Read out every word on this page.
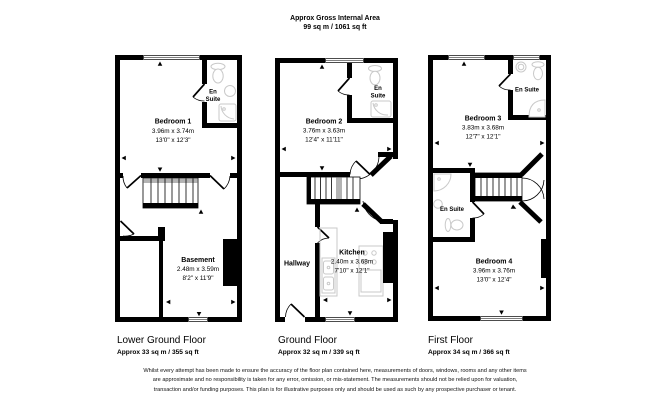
Approx Gross Internal Area
99 sq m / 1061 sq ft
En
Suite
Bedroom 1
3.96m x 3.74m
13'0" x 12'3"
Basement
2.48m x 3.59m
8'2" x 11'9"
En
Suite
Bedroom 2
3.76m x 3.63m
12'4" x 11'11"
Hallway
Kitchen
2.40m x 3.68m
7'10" x 12'1"
En Suite
Bedroom 3
3.83m x 3.68m
12'7" x 12'1"
En Suite
Bedroom 4
3.96m x 3.76m
13'0" x 12'4"
Lower Ground Floor
Approx 33 sq m / 355 sq ft
Ground Floor
Approx 32 sq m / 339 sq ft
First Floor
Approx 34 sq m / 366 sq ft
Whilst every attempt has been made to ensure the accuracy of the floor plan contained here, measurements of doors, windows, rooms and any other items are approximate and no responsibility is taken for any error, omission, or mis-statement. The measurements should not be relied upon for valuation, transaction and/or funding purposes. This plan is for illustrative purposes only and should be used as such by any prospective purchaser or tenant.
